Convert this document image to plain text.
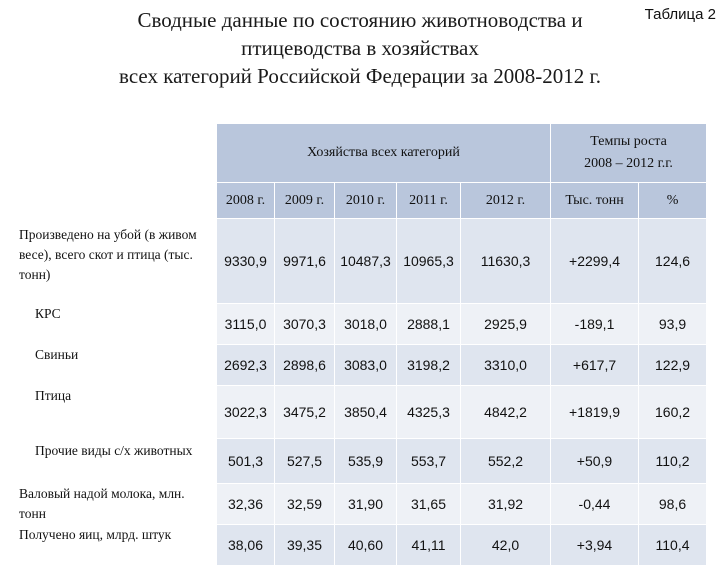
Сводные данные по состоянию животноводства и
птицеводства в хозяйствах
всех категорий Российской Федерации за 2008-2012 г.
Таблица 2
	Хозяйства всех категорий					Темпы роста
2008 – 2012 г.г.	

	2008 г.	2009 г.	2010 г.	2011 г.	2012 г.	Тыс. тонн	%
Произведено на убой (в живом весе), всего скот и птица (тыс. тонн)	9330,9	9971,6	10487,3	10965,3	11630,3	+2299,4	124,6
КРС	3115,0	3070,3	3018,0	2888,1	2925,9	-189,1	93,9
Свиньи	2692,3	2898,6	3083,0	3198,2	3310,0	+617,7	122,9
Птица	3022,3	3475,2	3850,4	4325,3	4842,2	+1819,9	160,2

Прочие виды с/х животных	501,3	527,5	535,9	553,7	552,2	+50,9	110,2
Валовый надой молока, млн. тонн	32,36	32,59	31,90	31,65	31,92	-0,44	98,6
Получено яиц, млрд. штук	38,06	39,35	40,60	41,11	42,0	+3,94	110,4
